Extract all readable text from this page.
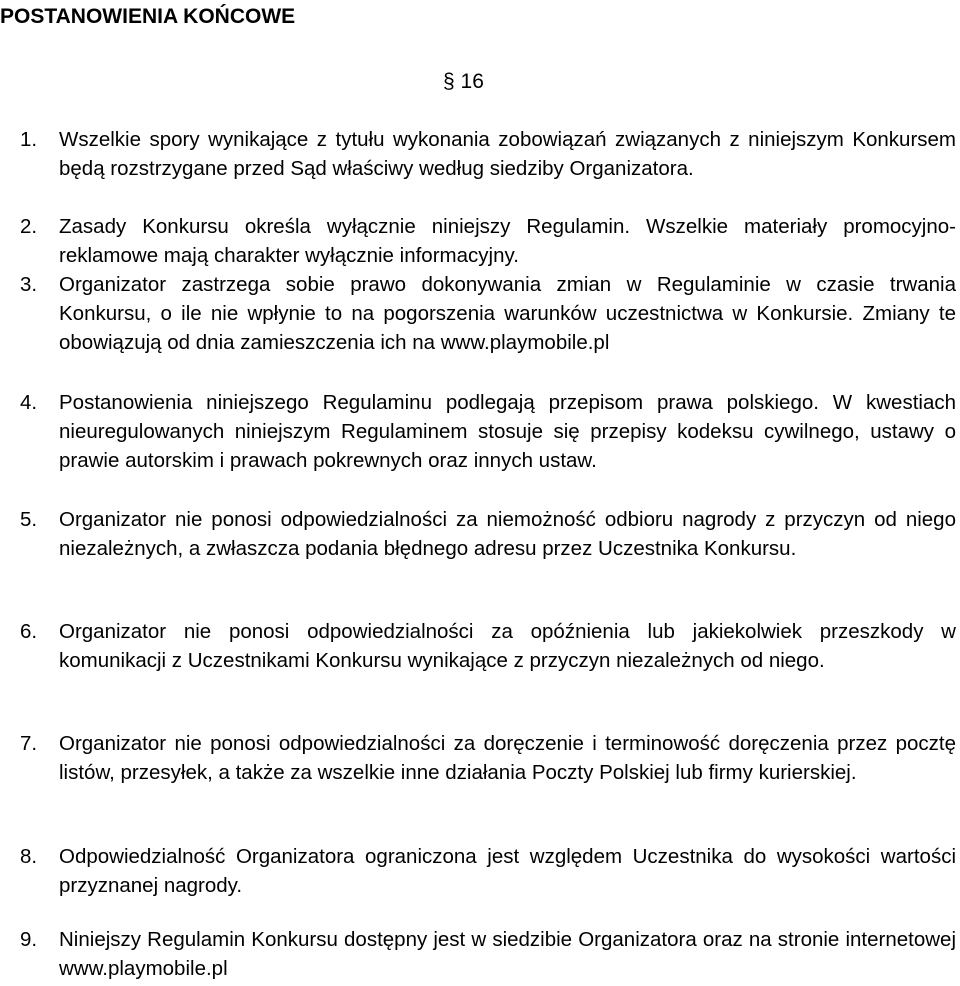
POSTANOWIENIA KOŃCOWE
§ 16
1.	Wszelkie spory wynikające z tytułu wykonania zobowiązań związanych z niniejszym Konkursem będą rozstrzygane przed Sąd właściwy według siedziby Organizatora.
2.	Zasady Konkursu określa wyłącznie niniejszy Regulamin. Wszelkie materiały promocyjno-reklamowe mają charakter wyłącznie informacyjny.
3.	Organizator zastrzega sobie prawo dokonywania zmian w Regulaminie w czasie trwania Konkursu, o ile nie wpłynie to na pogorszenia warunków uczestnictwa w Konkursie. Zmiany te obowiązują od dnia zamieszczenia ich na www.playmobile.pl
4.	Postanowienia niniejszego Regulaminu podlegają przepisom prawa polskiego. W kwestiach nieuregulowanych niniejszym Regulaminem stosuje się przepisy kodeksu cywilnego, ustawy o prawie autorskim i prawach pokrewnych oraz innych ustaw.
5.	Organizator nie ponosi odpowiedzialności za niemożność odbioru nagrody z przyczyn od niego niezależnych, a zwłaszcza podania błędnego adresu przez Uczestnika Konkursu.
6.	Organizator nie ponosi odpowiedzialności za opóźnienia lub jakiekolwiek przeszkody w komunikacji z Uczestnikami Konkursu wynikające z przyczyn niezależnych od niego.
7.	Organizator nie ponosi odpowiedzialności za doręczenie i terminowość doręczenia przez pocztę listów, przesyłek, a także za wszelkie inne działania Poczty Polskiej lub firmy kurierskiej.
8.	Odpowiedzialność Organizatora ograniczona jest względem Uczestnika do wysokości wartości przyznanej nagrody.
9.	Niniejszy Regulamin Konkursu dostępny jest w siedzibie Organizatora oraz na stronie internetowej www.playmobile.pl
